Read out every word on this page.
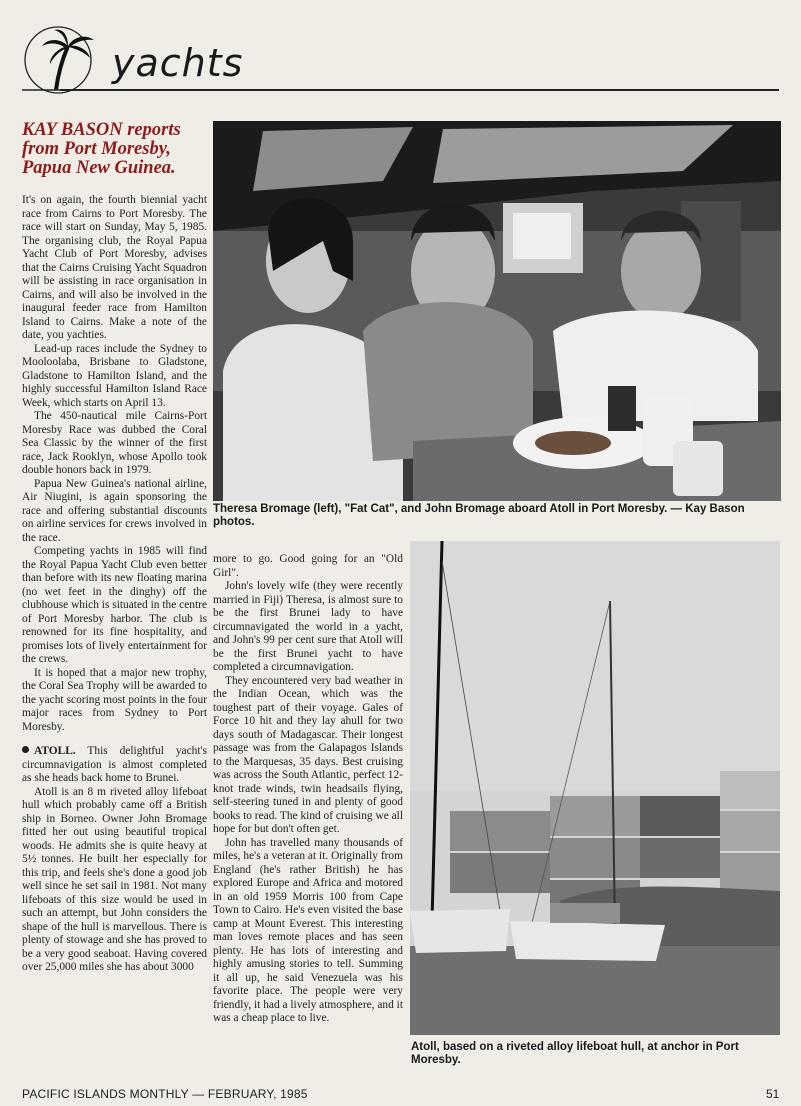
yachts
KAY BASON reports from Port Moresby, Papua New Guinea.

It's on again, the fourth biennial yacht race from Cairns to Port Moresby. The race will start on Sunday, May 5, 1985. The organising club, the Royal Papua Yacht Club of Port Moresby, advises that the Cairns Cruising Yacht Squadron will be assisting in race organisation in Cairns, and will also be involved in the inaugural feeder race from Hamilton Island to Cairns. Make a note of the date, you yachties.

Lead-up races include the Sydney to Mooloolaba, Brisbane to Gladstone, Gladstone to Hamilton Island, and the highly successful Hamilton Island Race Week, which starts on April 13.

The 450-nautical mile Cairns-Port Moresby Race was dubbed the Coral Sea Classic by the winner of the first race, Jack Rooklyn, whose Apollo took double honors back in 1979.

Papua New Guinea's national airline, Air Niugini, is again sponsoring the race and offering substantial discounts on airline services for crews involved in the race.

Competing yachts in 1985 will find the Royal Papua Yacht Club even better than before with its new floating marina (no wet feet in the dinghy) off the clubhouse which is situated in the centre of Port Moresby harbor. The club is renowned for its fine hospitality, and promises lots of lively entertainment for the crews.

It is hoped that a major new trophy, the Coral Sea Trophy will be awarded to the yacht scoring most points in the four major races from Sydney to Port Moresby.

ATOLL. This delightful yacht's circumnavigation is almost completed as she heads back home to Brunei.

Atoll is an 8 m riveted alloy lifeboat hull which probably came off a British ship in Borneo. Owner John Bromage fitted her out using beautiful tropical woods. He admits she is quite heavy at 5½ tonnes. He built her especially for this trip, and feels she's done a good job well since he set sail in 1981. Not many lifeboats of this size would be used in such an attempt, but John considers the shape of the hull is marvellous. There is plenty of stowage and she has proved to be a very good seaboat. Having covered over 25,000 miles she has about 3000

more to go. Good going for an "Old Girl".

John's lovely wife (they were recently married in Fiji) Theresa, is almost sure to be the first Brunei lady to have circumnavigated the world in a yacht, and John's 99 per cent sure that Atoll will be the first Brunei yacht to have completed a circumnavigation.

They encountered very bad weather in the Indian Ocean, which was the toughest part of their voyage. Gales of Force 10 hit and they lay ahull for two days south of Madagascar. Their longest passage was from the Galapagos Islands to the Marquesas, 35 days. Best cruising was across the South Atlantic, perfect 12-knot trade winds, twin headsails flying, self-steering tuned in and plenty of good books to read. The kind of cruising we all hope for but don't often get.

John has travelled many thousands of miles, he's a veteran at it. Originally from England (he's rather British) he has explored Europe and Africa and motored in an old 1959 Morris 100 from Cape Town to Cairo. He's even visited the base camp at Mount Everest. This interesting man loves remote places and has seen plenty. He has lots of interesting and highly amusing stories to tell. Summing it all up, he said Venezuela was his favorite place. The people were very friendly, it had a lively atmosphere, and it was a cheap place to live.

Theresa Bromage (left), "Fat Cat", and John Bromage aboard Atoll in Port Moresby. — Kay Bason photos.
Atoll, based on a riveted alloy lifeboat hull, at anchor in Port Moresby.
PACIFIC ISLANDS MONTHLY — FEBRUARY, 1985	51
